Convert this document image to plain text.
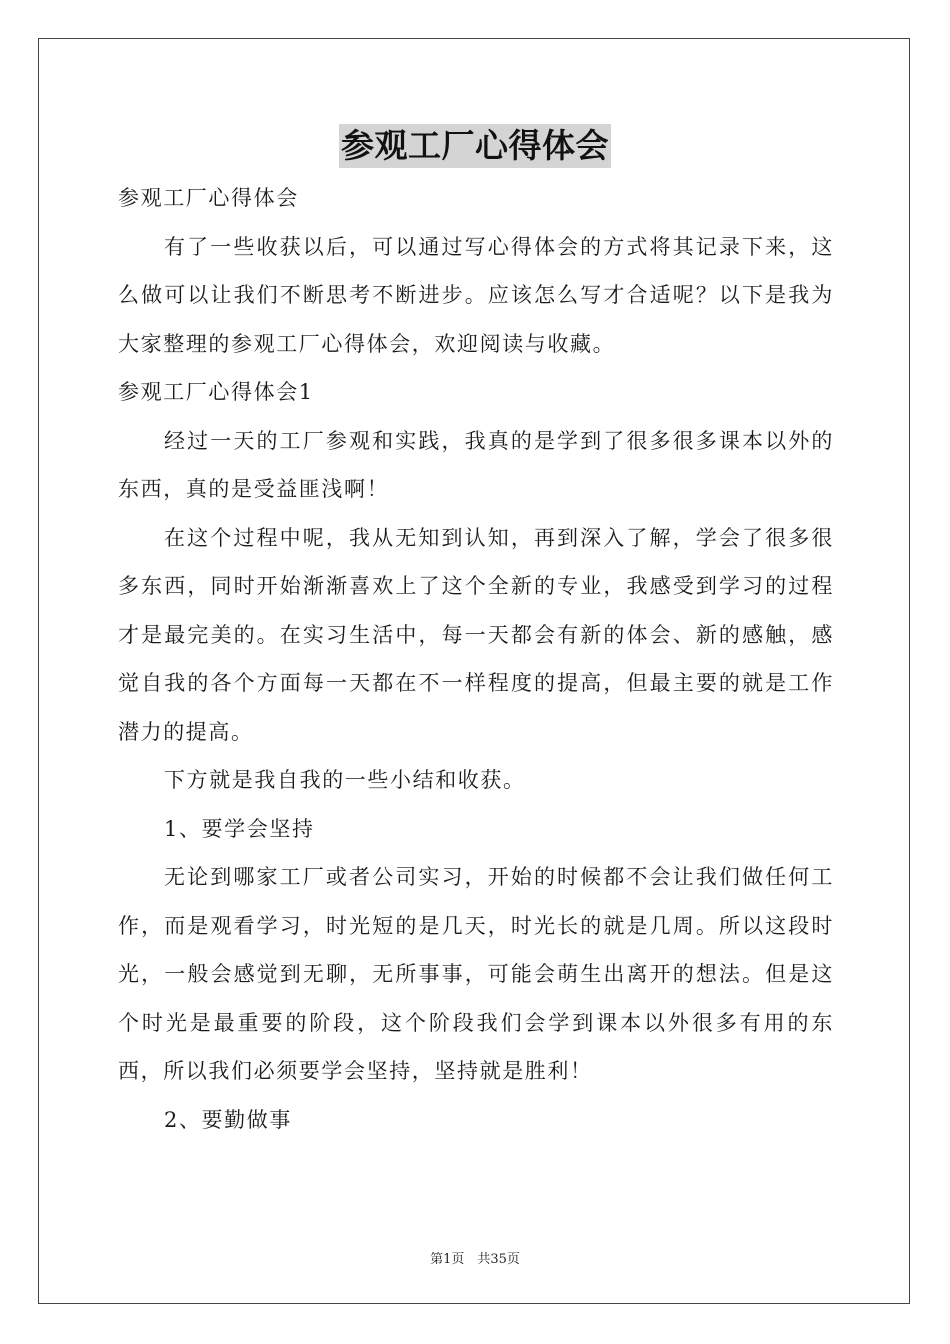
参观工厂心得体会

参观工厂心得体会

有了一些收获以后，可以通过写心得体会的方式将其记录下来，这么做可以让我们不断思考不断进步。应该怎么写才合适呢？以下是我为大家整理的参观工厂心得体会，欢迎阅读与收藏。

参观工厂心得体会1

经过一天的工厂参观和实践，我真的是学到了很多很多课本以外的东西，真的是受益匪浅啊！

在这个过程中呢，我从无知到认知，再到深入了解，学会了很多很多东西，同时开始渐渐喜欢上了这个全新的专业，我感受到学习的过程才是最完美的。在实习生活中，每一天都会有新的体会、新的感触，感觉自我的各个方面每一天都在不一样程度的提高，但最主要的就是工作潜力的提高。

下方就是我自我的一些小结和收获。

1、要学会坚持

无论到哪家工厂或者公司实习，开始的时候都不会让我们做任何工作，而是观看学习，时光短的是几天，时光长的就是几周。所以这段时光，一般会感觉到无聊，无所事事，可能会萌生出离开的想法。但是这个时光是最重要的阶段，这个阶段我们会学到课本以外很多有用的东西，所以我们必须要学会坚持，坚持就是胜利！

2、要勤做事

第1页　共35页
